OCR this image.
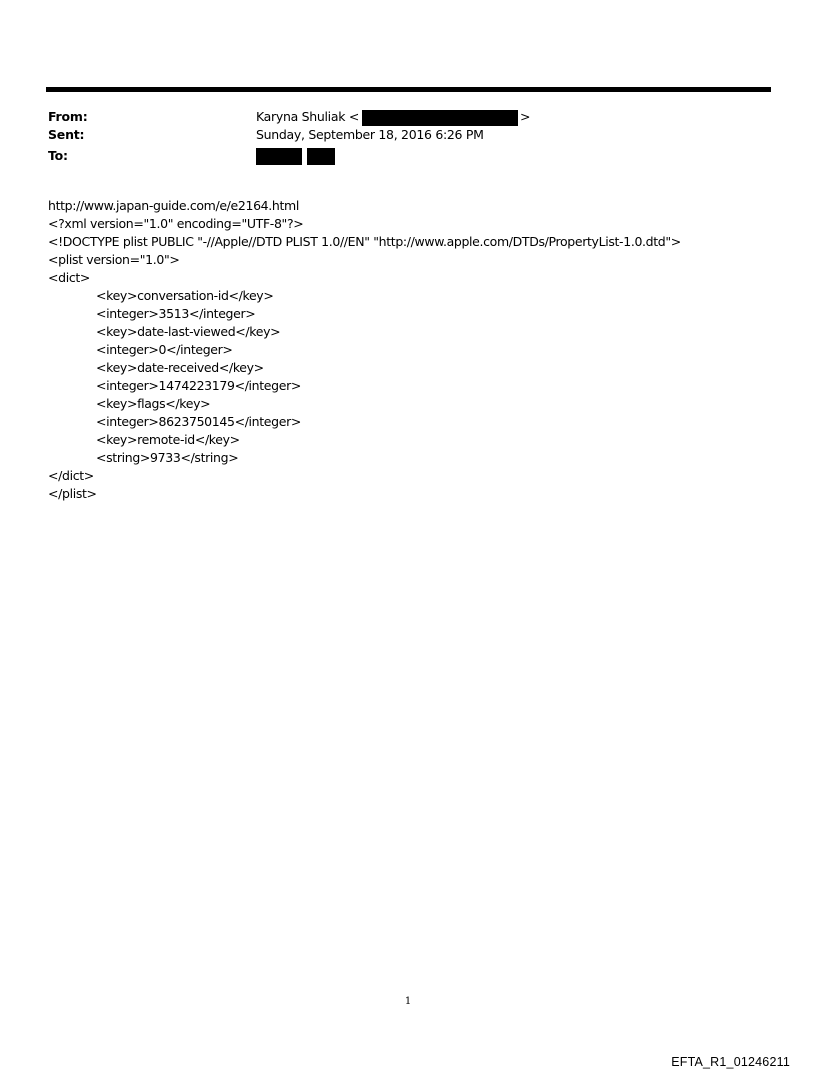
From:	Karyna Shuliak <	>
Sent:	Sunday, September 18, 2016 6:26 PM
To:
http://www.japan-guide.com/e/e2164.html
<?xml version="1.0" encoding="UTF-8"?>
<!DOCTYPE plist PUBLIC "-//Apple//DTD PLIST 1.0//EN" "http://www.apple.com/DTDs/PropertyList-1.0.dtd">
<plist version="1.0">
<dict>
<key>conversation-id</key>
<integer>3513</integer>
<key>date-last-viewed</key>
<integer>0</integer>
<key>date-received</key>
<integer>1474223179</integer>
<key>flags</key>
<integer>8623750145</integer>
<key>remote-id</key>
<string>9733</string>
</dict>
</plist>
1
EFTA_R1_01246211
